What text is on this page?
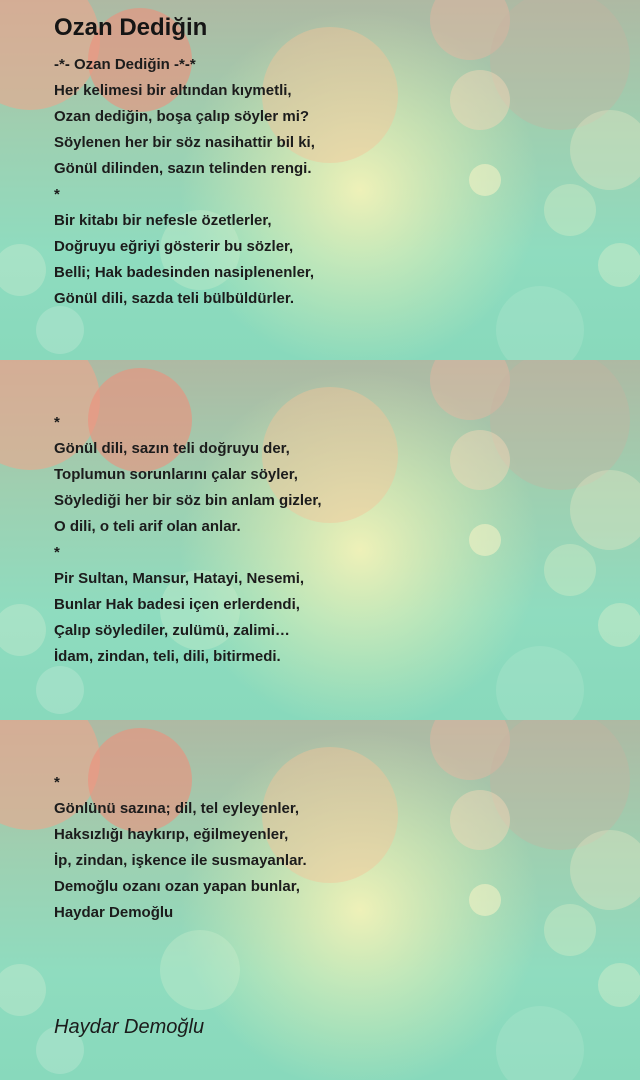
Ozan Dediğin
-*- Ozan Dediğin -*-*
Her kelimesi bir altından kıymetli,
Ozan dediğin, boşa çalıp söyler mi?
Söylenen her bir söz nasihattir bil ki,
Gönül dilinden, sazın telinden rengi.
*
Bir kitabı bir nefesle özetlerler,
Doğruyu eğriyi gösterir bu sözler,
Belli; Hak badesinden nasiplenenler,
Gönül dili, sazda teli bülbüldürler.
*
Gönül dili, sazın teli doğruyu der,
Toplumun sorunlarını çalar söyler,
Söylediği her bir söz bin anlam gizler,
O dili, o teli arif olan anlar.
*
Pir Sultan, Mansur, Hatayi, Nesemi,
Bunlar Hak badesi içen erlerdendi,
Çalıp söylediler, zulümü, zalimi…
İdam, zindan, teli, dili, bitirmedi.
*
Gönlünü sazına; dil, tel eyleyenler,
Haksızlığı haykırıp, eğilmeyenler,
İp, zindan, işkence ile susmayanlar.
Demoğlu ozanı ozan yapan bunlar,
Haydar Demoğlu
Haydar Demoğlu
